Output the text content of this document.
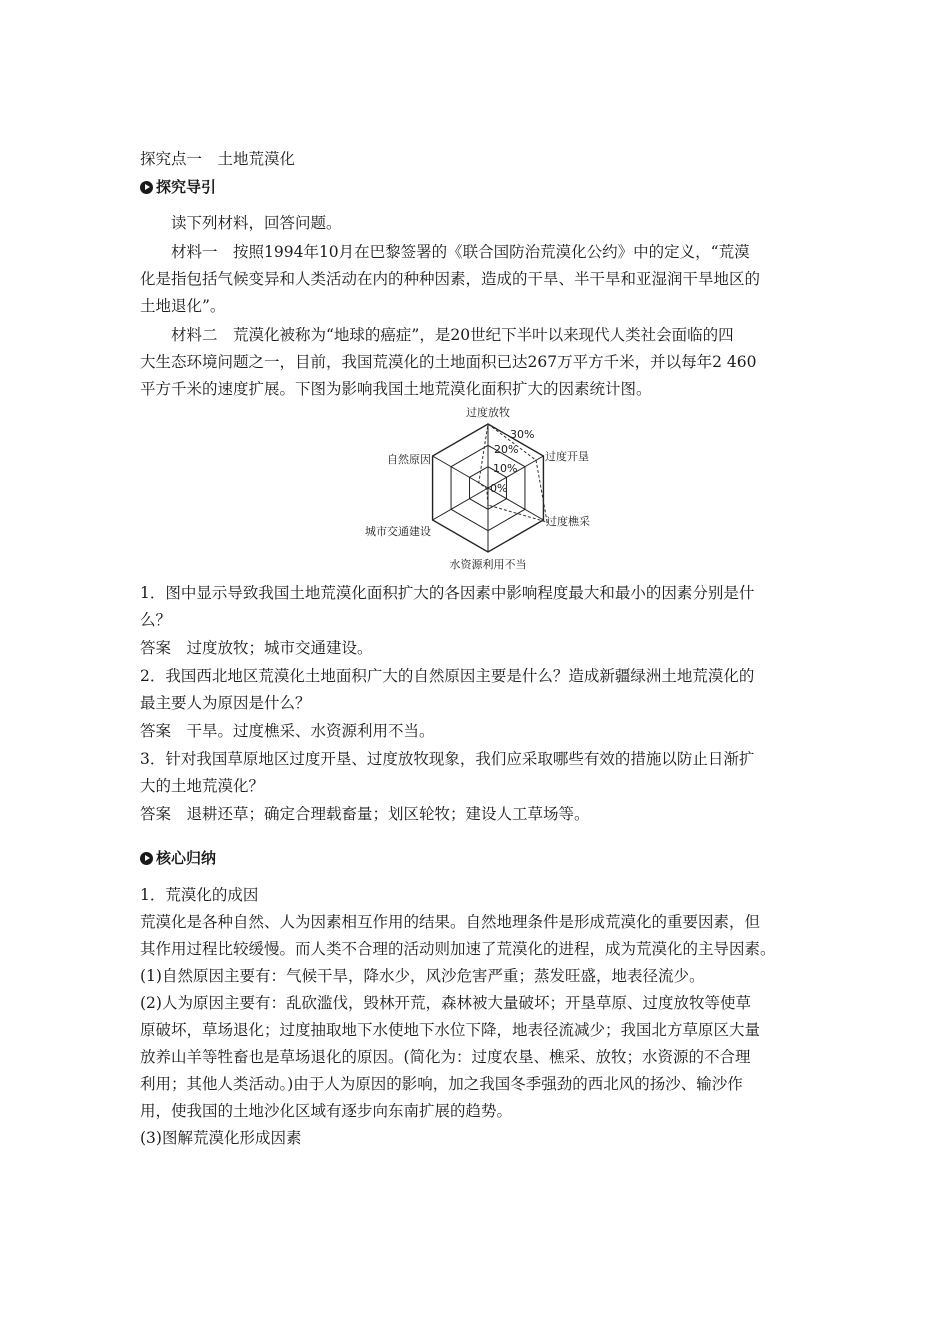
探究点一　土地荒漠化
探究导引
读下列材料，回答问题。
材料一　按照1994年10月在巴黎签署的《联合国防治荒漠化公约》中的定义，“荒漠
化是指包括气候变异和人类活动在内的种种因素，造成的干旱、半干旱和亚湿润干旱地区的
土地退化”。
材料二　荒漠化被称为“地球的癌症”，是20世纪下半叶以来现代人类社会面临的四
大生态环境问题之一，目前，我国荒漠化的土地面积已达267万平方千米，并以每年2 460
平方千米的速度扩展。下图为影响我国土地荒漠化面积扩大的因素统计图。
0%
10%
20%
30%
过度放牧
过度开垦
过度樵采
水资源利用不当
城市交通建设
自然原因
1．图中显示导致我国土地荒漠化面积扩大的各因素中影响程度最大和最小的因素分别是什
么？
答案　过度放牧；城市交通建设。
2．我国西北地区荒漠化土地面积广大的自然原因主要是什么？造成新疆绿洲土地荒漠化的
最主要人为原因是什么？
答案　干旱。过度樵采、水资源利用不当。
3．针对我国草原地区过度开垦、过度放牧现象，我们应采取哪些有效的措施以防止日渐扩
大的土地荒漠化？
答案　退耕还草；确定合理载畜量；划区轮牧；建设人工草场等。
核心归纳
1．荒漠化的成因
荒漠化是各种自然、人为因素相互作用的结果。自然地理条件是形成荒漠化的重要因素，但
其作用过程比较缓慢。而人类不合理的活动则加速了荒漠化的进程，成为荒漠化的主导因素。
(1)自然原因主要有：气候干旱，降水少，风沙危害严重；蒸发旺盛，地表径流少。
(2)人为原因主要有：乱砍滥伐，毁林开荒，森林被大量破坏；开垦草原、过度放牧等使草
原破坏，草场退化；过度抽取地下水使地下水位下降，地表径流减少；我国北方草原区大量
放养山羊等牲畜也是草场退化的原因。(简化为：过度农垦、樵采、放牧；水资源的不合理
利用；其他人类活动。)由于人为原因的影响，加之我国冬季强劲的西北风的扬沙、输沙作
用，使我国的土地沙化区域有逐步向东南扩展的趋势。
(3)图解荒漠化形成因素
